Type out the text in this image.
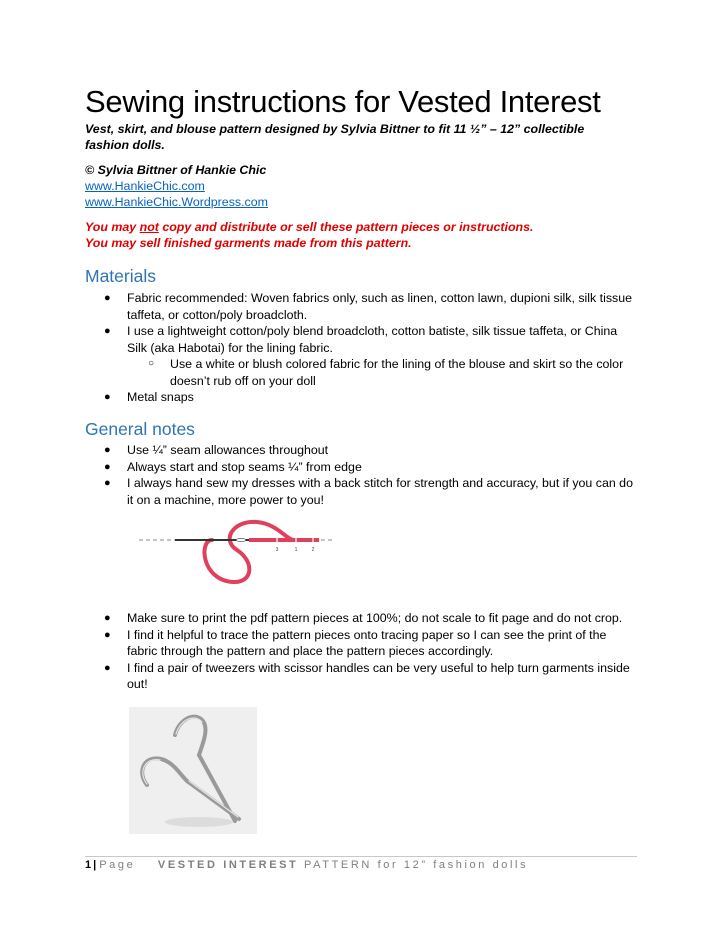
Sewing instructions for Vested Interest
Vest, skirt, and blouse pattern designed by Sylvia Bittner to fit 11 ½” – 12” collectible fashion dolls.
© Sylvia Bittner of Hankie Chic
www.HankieChic.com
www.HankieChic.Wordpress.com
You may not copy and distribute or sell these pattern pieces or instructions.
You may sell finished garments made from this pattern.
Materials
● Fabric recommended: Woven fabrics only, such as linen, cotton lawn, dupioni silk, silk tissue taffeta, or cotton/poly broadcloth.
● I use a lightweight cotton/poly blend broadcloth, cotton batiste, silk tissue taffeta, or China Silk (aka Habotai) for the lining fabric.
○ Use a white or blush colored fabric for the lining of the blouse and skirt so the color doesn’t rub off on your doll
● Metal snaps
General notes
● Use ¼” seam allowances throughout
● Always start and stop seams ¼” from edge
● I always hand sew my dresses with a back stitch for strength and accuracy, but if you can do it on a machine, more power to you!
3	1	2
● Make sure to print the pdf pattern pieces at 100%; do not scale to fit page and do not crop.
● I find it helpful to trace the pattern pieces onto tracing paper so I can see the print of the fabric through the pattern and place the pattern pieces accordingly.
● I find a pair of tweezers with scissor handles can be very useful to help turn garments inside out!
1 | Page VESTED INTEREST PATTERN for 12” fashion dolls
